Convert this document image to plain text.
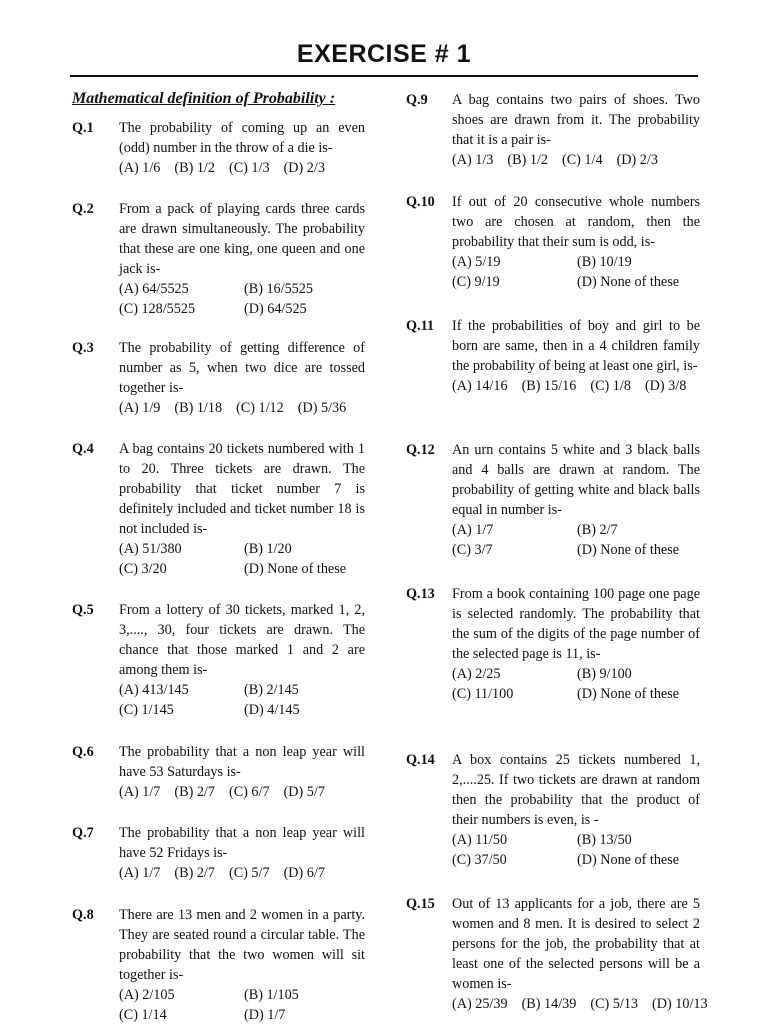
EXERCISE # 1
Mathematical definition of Probability :
Q.1 The probability of coming up an even (odd) number in the throw of a die is-
(A) 1/6 (B) 1/2 (C) 1/3 (D) 2/3
Q.2 From a pack of playing cards three cards are drawn simultaneously. The probability that these are one king, one queen and one jack is-
(A) 64/5525	(B) 16/5525
(C) 128/5525	(D) 64/525
Q.3 The probability of getting difference of number as 5, when two dice are tossed together is-
(A) 1/9 (B) 1/18 (C) 1/12 (D) 5/36
Q.4 A bag contains 20 tickets numbered with 1 to 20. Three tickets are drawn. The probability that ticket number 7 is definitely included and ticket number 18 is not included is-
(A) 51/380	(B) 1/20
(C) 3/20	(D) None of these
Q.5 From a lottery of 30 tickets, marked 1, 2, 3,...., 30, four tickets are drawn. The chance that those marked 1 and 2 are among them is-
(A) 413/145	(B) 2/145
(C) 1/145	(D) 4/145
Q.6 The probability that a non leap year will have 53 Saturdays is-
(A) 1/7 (B) 2/7 (C) 6/7 (D) 5/7
Q.7 The probability that a non leap year will have 52 Fridays is-
(A) 1/7 (B) 2/7 (C) 5/7 (D) 6/7
Q.8 There are 13 men and 2 women in a party. They are seated round a circular table. The probability that the two women will sit together is-
(A) 2/105	(B) 1/105
(C) 1/14	(D) 1/7
Q.9 A bag contains two pairs of shoes. Two shoes are drawn from it. The probability that it is a pair is-
(A) 1/3 (B) 1/2 (C) 1/4 (D) 2/3
Q.10 If out of 20 consecutive whole numbers two are chosen at random, then the probability that their sum is odd, is-
(A) 5/19	(B) 10/19
(C) 9/19	(D) None of these
Q.11 If the probabilities of boy and girl to be born are same, then in a 4 children family the probability of being at least one girl, is-
(A) 14/16 (B) 15/16 (C) 1/8 (D) 3/8
Q.12 An urn contains 5 white and 3 black balls and 4 balls are drawn at random. The probability of getting white and black balls equal in number is-
(A) 1/7	(B) 2/7
(C) 3/7	(D) None of these
Q.13 From a book containing 100 page one page is selected randomly. The probability that the sum of the digits of the page number of the selected page is 11, is-
(A) 2/25	(B) 9/100
(C) 11/100	(D) None of these
Q.14 A box contains 25 tickets numbered 1, 2,....25. If two tickets are drawn at random then the probability that the product of their numbers is even, is -
(A) 11/50	(B) 13/50
(C) 37/50	(D) None of these
Q.15 Out of 13 applicants for a job, there are 5 women and 8 men. It is desired to select 2 persons for the job, the probability that at least one of the selected persons will be a women is-
(A) 25/39 (B) 14/39 (C) 5/13 (D) 10/13
